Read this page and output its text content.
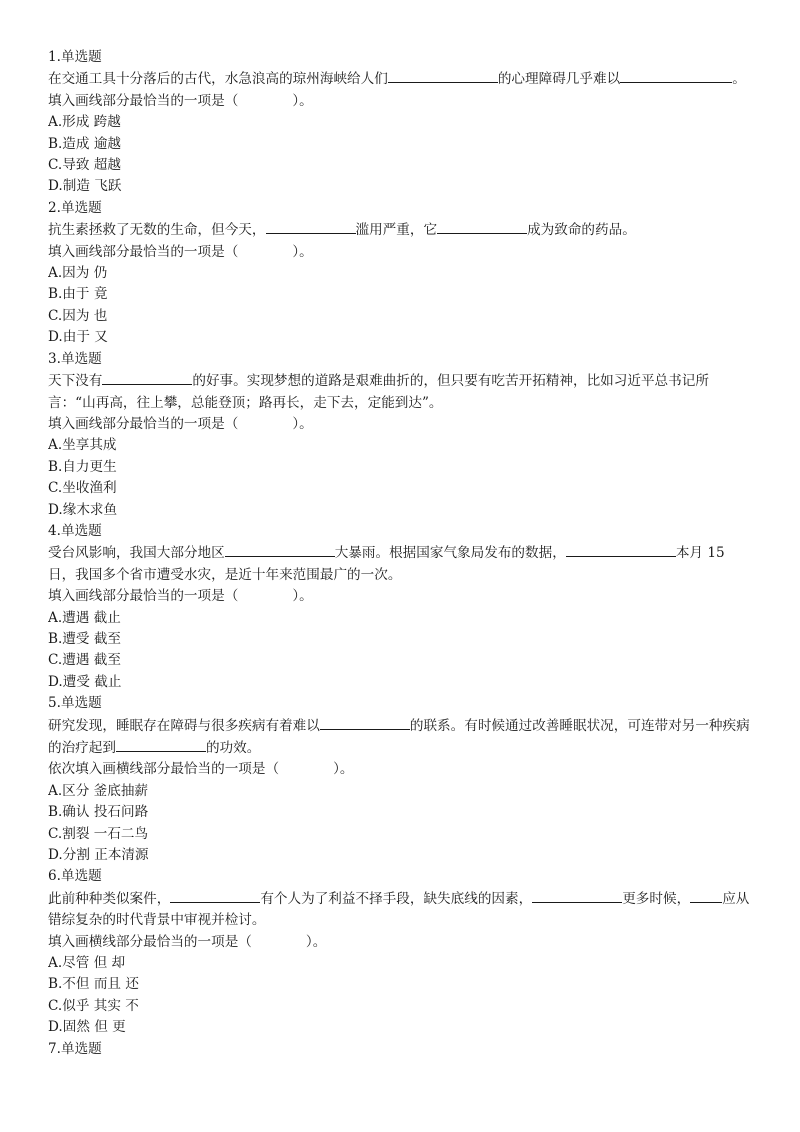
1.单选题
在交通工具十分落后的古代，水急浪高的琼州海峡给人们	的心理障碍几乎难以	。
填入画线部分最恰当的一项是（	）。
A.形成 跨越
B.造成 逾越
C.导致 超越
D.制造 飞跃
2.单选题
抗生素拯救了无数的生命，但今天，	滥用严重，它	成为致命的药品。
填入画线部分最恰当的一项是（	）。
A.因为 仍
B.由于 竟
C.因为 也
D.由于 又
3.单选题
天下没有	的好事。实现梦想的道路是艰难曲折的，但只要有吃苦开拓精神，比如习近平总书记所言：“山再高，往上攀，总能登顶；路再长，走下去，定能到达”。
填入画线部分最恰当的一项是（	）。
A.坐享其成
B.自力更生
C.坐收渔利
D.缘木求鱼
4.单选题
受台风影响，我国大部分地区	大暴雨。根据国家气象局发布的数据，	本月 15 日，我国多个省市遭受水灾，是近十年来范围最广的一次。
填入画线部分最恰当的一项是（	）。
A.遭遇 截止
B.遭受 截至
C.遭遇 截至
D.遭受 截止
5.单选题
研究发现，睡眠存在障碍与很多疾病有着难以	的联系。有时候通过改善睡眠状况，可连带对另一种疾病的治疗起到	的功效。
依次填入画横线部分最恰当的一项是（	）。
A.区分 釜底抽薪
B.确认 投石问路
C.割裂 一石二鸟
D.分割 正本清源
6.单选题
此前种种类似案件，	有个人为了利益不择手段，缺失底线的因素，	更多时候， 应从错综复杂的时代背景中审视并检讨。
填入画横线部分最恰当的一项是（	）。
A.尽管 但 却
B.不但 而且 还
C.似乎 其实 不
D.固然 但 更
7.单选题
